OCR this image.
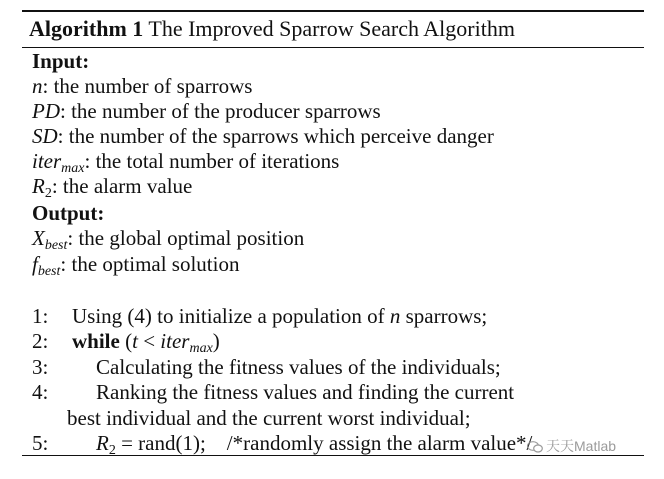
Algorithm 1 The Improved Sparrow Search Algorithm
Input:
n: the number of sparrows
PD: the number of the producer sparrows
SD: the number of the sparrows which perceive danger
iter$_{max}$: the total number of iterations
R2: the alarm value
Output:
$X_{best}$: the global optimal position
$f_{best}$: the optimal solution
1: Using (4) to initialize a population of n sparrows;
2: while (t < iter$_{max}$)
3: Calculating the fitness values of the individuals;
4: Ranking the fitness values and finding the current
best individual and the current worst individual;
5: R2 = rand(1);    /*randomly assign the alarm value*/ 天天Matlab
